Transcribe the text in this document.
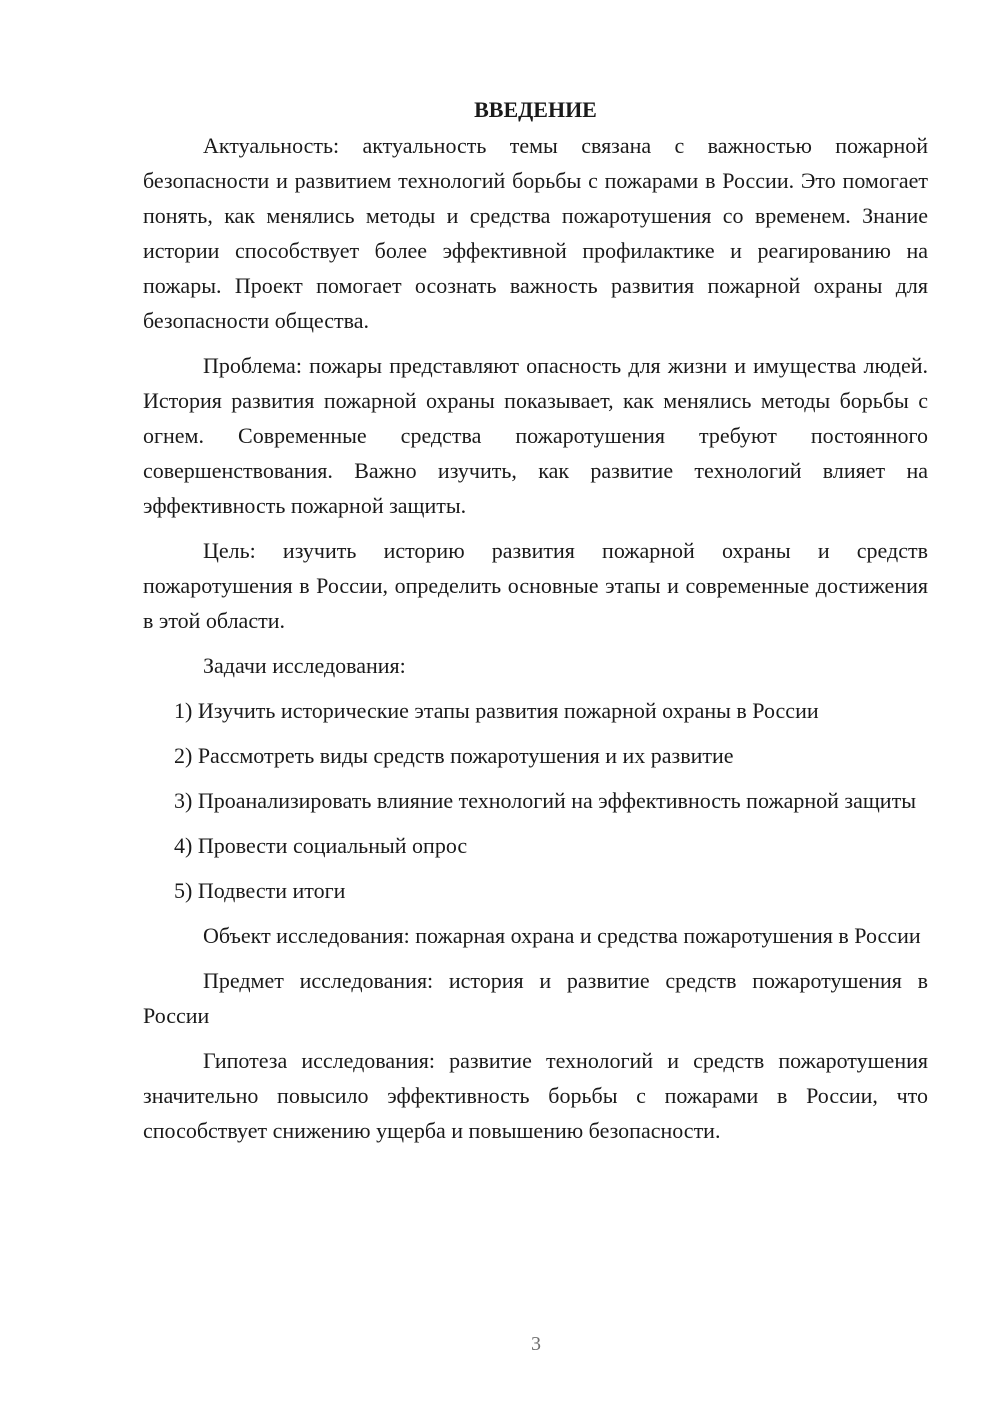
ВВЕДЕНИЕ

Актуальность: актуальность темы связана с важностью пожарной безопасности и развитием технологий борьбы с пожарами в России. Это помогает понять, как менялись методы и средства пожаротушения со временем. Знание истории способствует более эффективной профилактике и реагированию на пожары. Проект помогает осознать важность развития пожарной охраны для безопасности общества.

Проблема: пожары представляют опасность для жизни и имущества людей. История развития пожарной охраны показывает, как менялись методы борьбы с огнем. Современные средства пожаротушения требуют постоянного совершенствования. Важно изучить, как развитие технологий влияет на эффективность пожарной защиты.

Цель: изучить историю развития пожарной охраны и средств пожаротушения в России, определить основные этапы и современные достижения в этой области.

Задачи исследования:

1) Изучить исторические этапы развития пожарной охраны в России

2) Рассмотреть виды средств пожаротушения и их развитие

3) Проанализировать влияние технологий на эффективность пожарной защиты

4) Провести социальный опрос

5) Подвести итоги

Объект исследования: пожарная охрана и средства пожаротушения в России

Предмет исследования: история и развитие средств пожаротушения в России

Гипотеза исследования: развитие технологий и средств пожаротушения значительно повысило эффективность борьбы с пожарами в России, что способствует снижению ущерба и повышению безопасности.

3
